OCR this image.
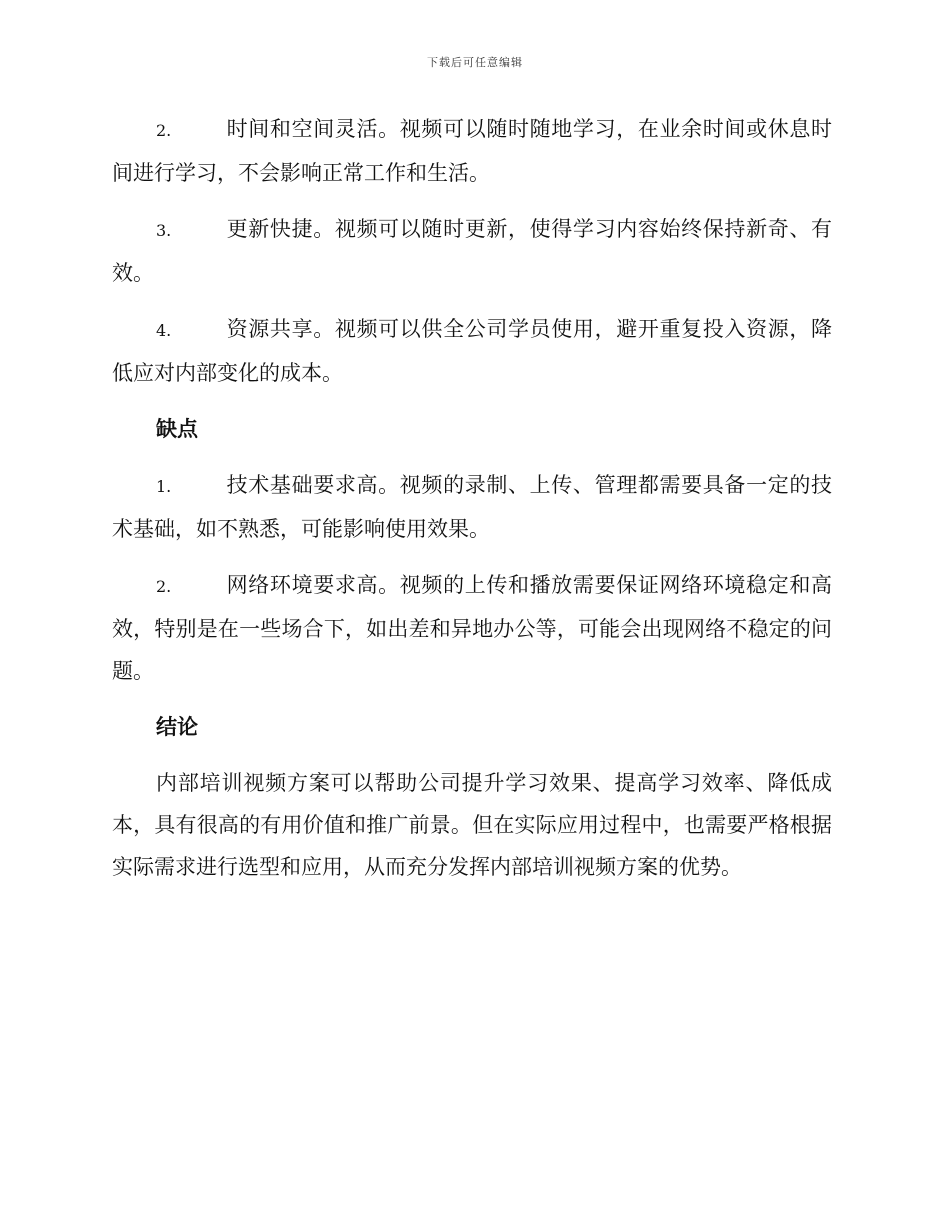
下载后可任意编辑

2.	时间和空间灵活。视频可以随时随地学习，在业余时间或休息时间进行学习，不会影响正常工作和生活。

3.	更新快捷。视频可以随时更新，使得学习内容始终保持新奇、有效。

4.	资源共享。视频可以供全公司学员使用，避开重复投入资源，降低应对内部变化的成本。

缺点

1.	技术基础要求高。视频的录制、上传、管理都需要具备一定的技术基础，如不熟悉，可能影响使用效果。

2.	网络环境要求高。视频的上传和播放需要保证网络环境稳定和高效，特别是在一些场合下，如出差和异地办公等，可能会出现网络不稳定的问题。

结论

内部培训视频方案可以帮助公司提升学习效果、提高学习效率、降低成本，具有很高的有用价值和推广前景。但在实际应用过程中，也需要严格根据实际需求进行选型和应用，从而充分发挥内部培训视频方案的优势。
